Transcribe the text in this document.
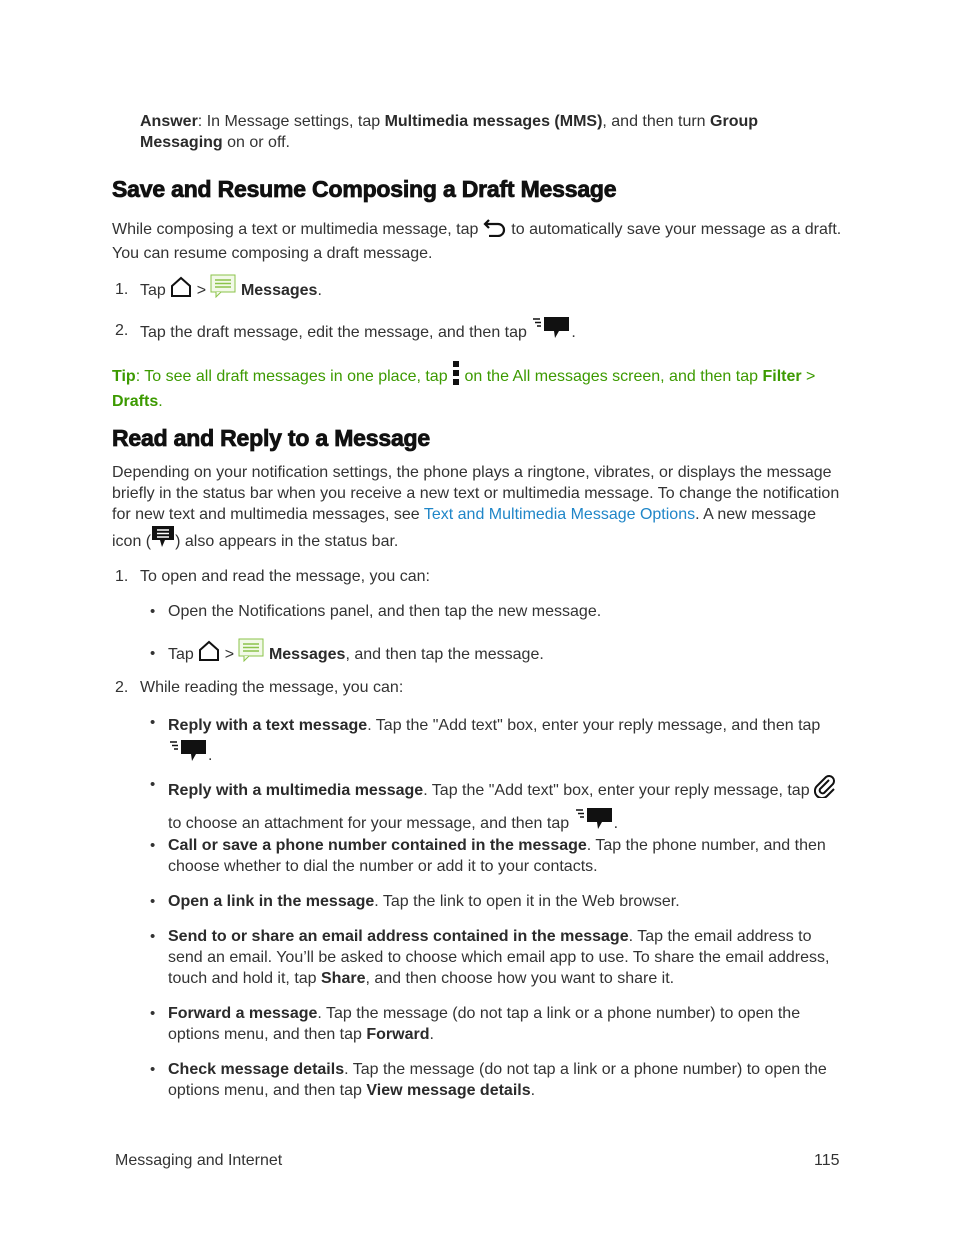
Answer: In Message settings, tap Multimedia messages (MMS), and then turn Group Messaging on or off.
Save and Resume Composing a Draft Message
While composing a text or multimedia message, tap  to automatically save your message as a draft. You can resume composing a draft message.
1. Tap  >  Messages.
2. Tap the draft message, edit the message, and then tap	.
Tip: To see all draft messages in one place, tap  on the All messages screen, and then tap Filter > Drafts.
Read and Reply to a Message
Depending on your notification settings, the phone plays a ringtone, vibrates, or displays the message briefly in the status bar when you receive a new text or multimedia message. To change the notification for new text and multimedia messages, see Text and Multimedia Message Options. A new message icon ( ) also appears in the status bar.
1. To open and read the message, you can:
• Open the Notifications panel, and then tap the new message.
• Tap  >  Messages, and then tap the message.
2. While reading the message, you can:
• Reply with a text message. Tap the "Add text" box, enter your reply message, and then tap .
• Reply with a multimedia message. Tap the "Add text" box, enter your reply message, tap  to choose an attachment for your message, and then tap	.
• Call or save a phone number contained in the message. Tap the phone number, and then choose whether to dial the number or add it to your contacts.
• Open a link in the message. Tap the link to open it in the Web browser.
• Send to or share an email address contained in the message. Tap the email address to send an email. You’ll be asked to choose which email app to use. To share the email address, touch and hold it, tap Share, and then choose how you want to share it.
• Forward a message. Tap the message (do not tap a link or a phone number) to open the options menu, and then tap Forward.
• Check message details. Tap the message (do not tap a link or a phone number) to open the options menu, and then tap View message details.
Messaging and Internet	115
